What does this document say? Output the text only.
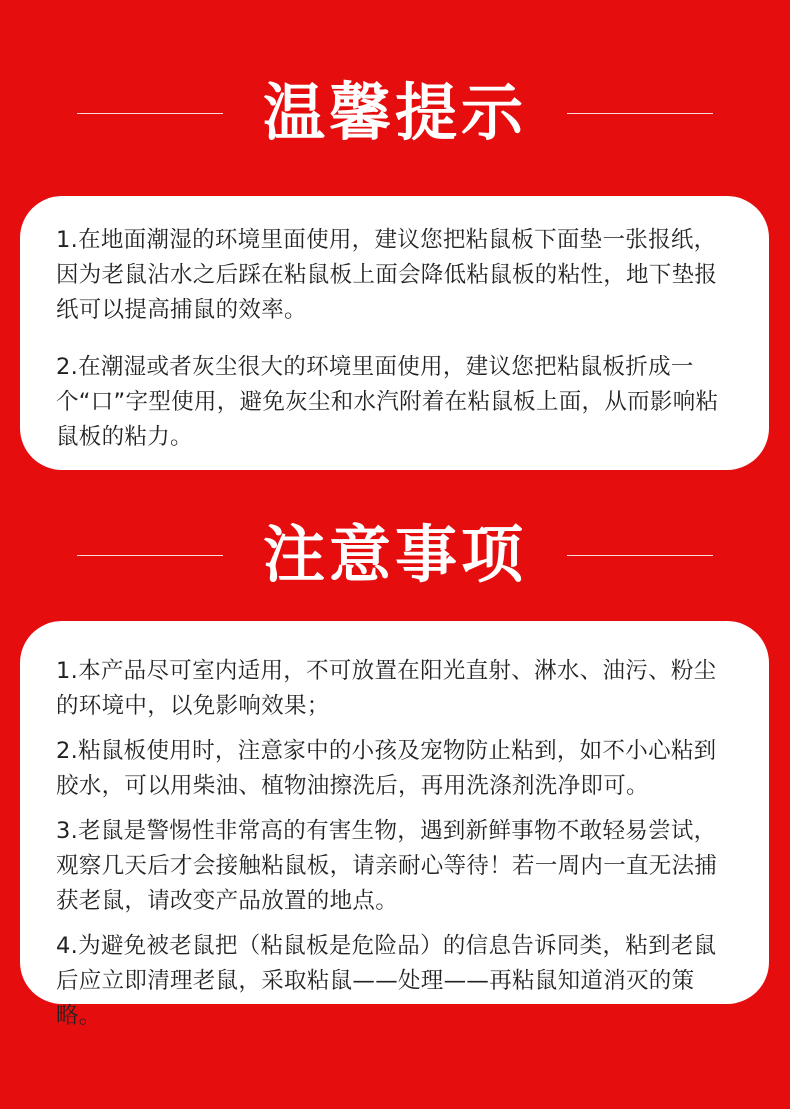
温馨提示

1.在地面潮湿的环境里面使用，建议您把粘鼠板下面垫一张报纸，因为老鼠沾水之后踩在粘鼠板上面会降低粘鼠板的粘性，地下垫报纸可以提高捕鼠的效率。

2.在潮湿或者灰尘很大的环境里面使用，建议您把粘鼠板折成一个“口”字型使用，避免灰尘和水汽附着在粘鼠板上面，从而影响粘鼠板的粘力。

注意事项

1.本产品尽可室内适用，不可放置在阳光直射、淋水、油污、粉尘的环境中，以免影响效果；

2.粘鼠板使用时，注意家中的小孩及宠物防止粘到，如不小心粘到胶水，可以用柴油、植物油擦洗后，再用洗涤剂洗净即可。

3.老鼠是警惕性非常高的有害生物，遇到新鲜事物不敢轻易尝试，观察几天后才会接触粘鼠板，请亲耐心等待！若一周内一直无法捕获老鼠，请改变产品放置的地点。

4.为避免被老鼠把（粘鼠板是危险品）的信息告诉同类，粘到老鼠后应立即清理老鼠，采取粘鼠——处理——再粘鼠知道消灭的策略。
